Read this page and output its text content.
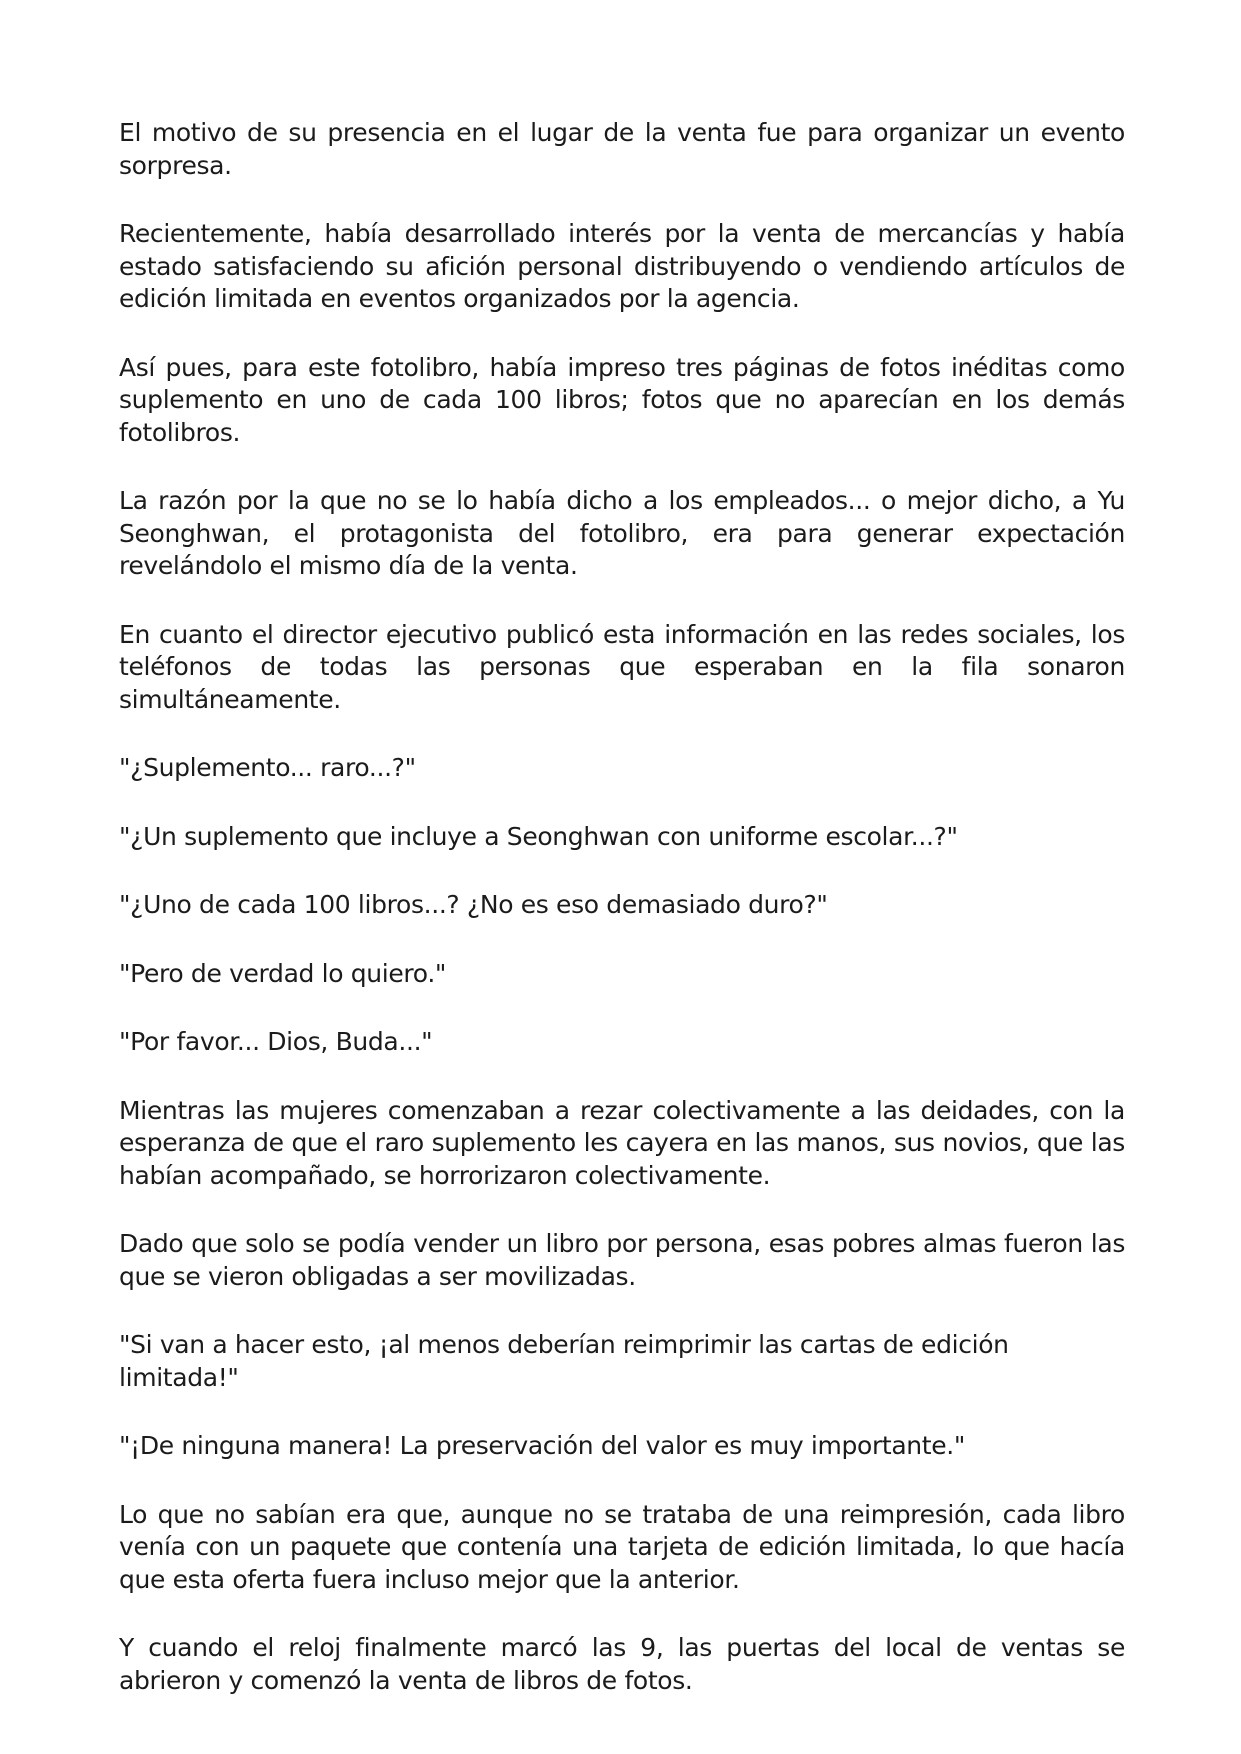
El motivo de su presencia en el lugar de la venta fue para organizar un evento sorpresa.

Recientemente, había desarrollado interés por la venta de mercancías y había estado satisfaciendo su afición personal distribuyendo o vendiendo artículos de edición limitada en eventos organizados por la agencia.

Así pues, para este fotolibro, había impreso tres páginas de fotos inéditas como suplemento en uno de cada 100 libros; fotos que no aparecían en los demás fotolibros.

La razón por la que no se lo había dicho a los empleados... o mejor dicho, a Yu Seonghwan, el protagonista del fotolibro, era para generar expectación revelándolo el mismo día de la venta.

En cuanto el director ejecutivo publicó esta información en las redes sociales, los teléfonos de todas las personas que esperaban en la fila sonaron simultáneamente.

"¿Suplemento... raro...?"

"¿Un suplemento que incluye a Seonghwan con uniforme escolar...?"

"¿Uno de cada 100 libros...? ¿No es eso demasiado duro?"

"Pero de verdad lo quiero."

"Por favor... Dios, Buda..."

Mientras las mujeres comenzaban a rezar colectivamente a las deidades, con la esperanza de que el raro suplemento les cayera en las manos, sus novios, que las habían acompañado, se horrorizaron colectivamente.

Dado que solo se podía vender un libro por persona, esas pobres almas fueron las que se vieron obligadas a ser movilizadas.

"Si van a hacer esto, ¡al menos deberían reimprimir las cartas de edición limitada!"

"¡De ninguna manera! La preservación del valor es muy importante."

Lo que no sabían era que, aunque no se trataba de una reimpresión, cada libro venía con un paquete que contenía una tarjeta de edición limitada, lo que hacía que esta oferta fuera incluso mejor que la anterior.

Y cuando el reloj finalmente marcó las 9, las puertas del local de ventas se abrieron y comenzó la venta de libros de fotos.
